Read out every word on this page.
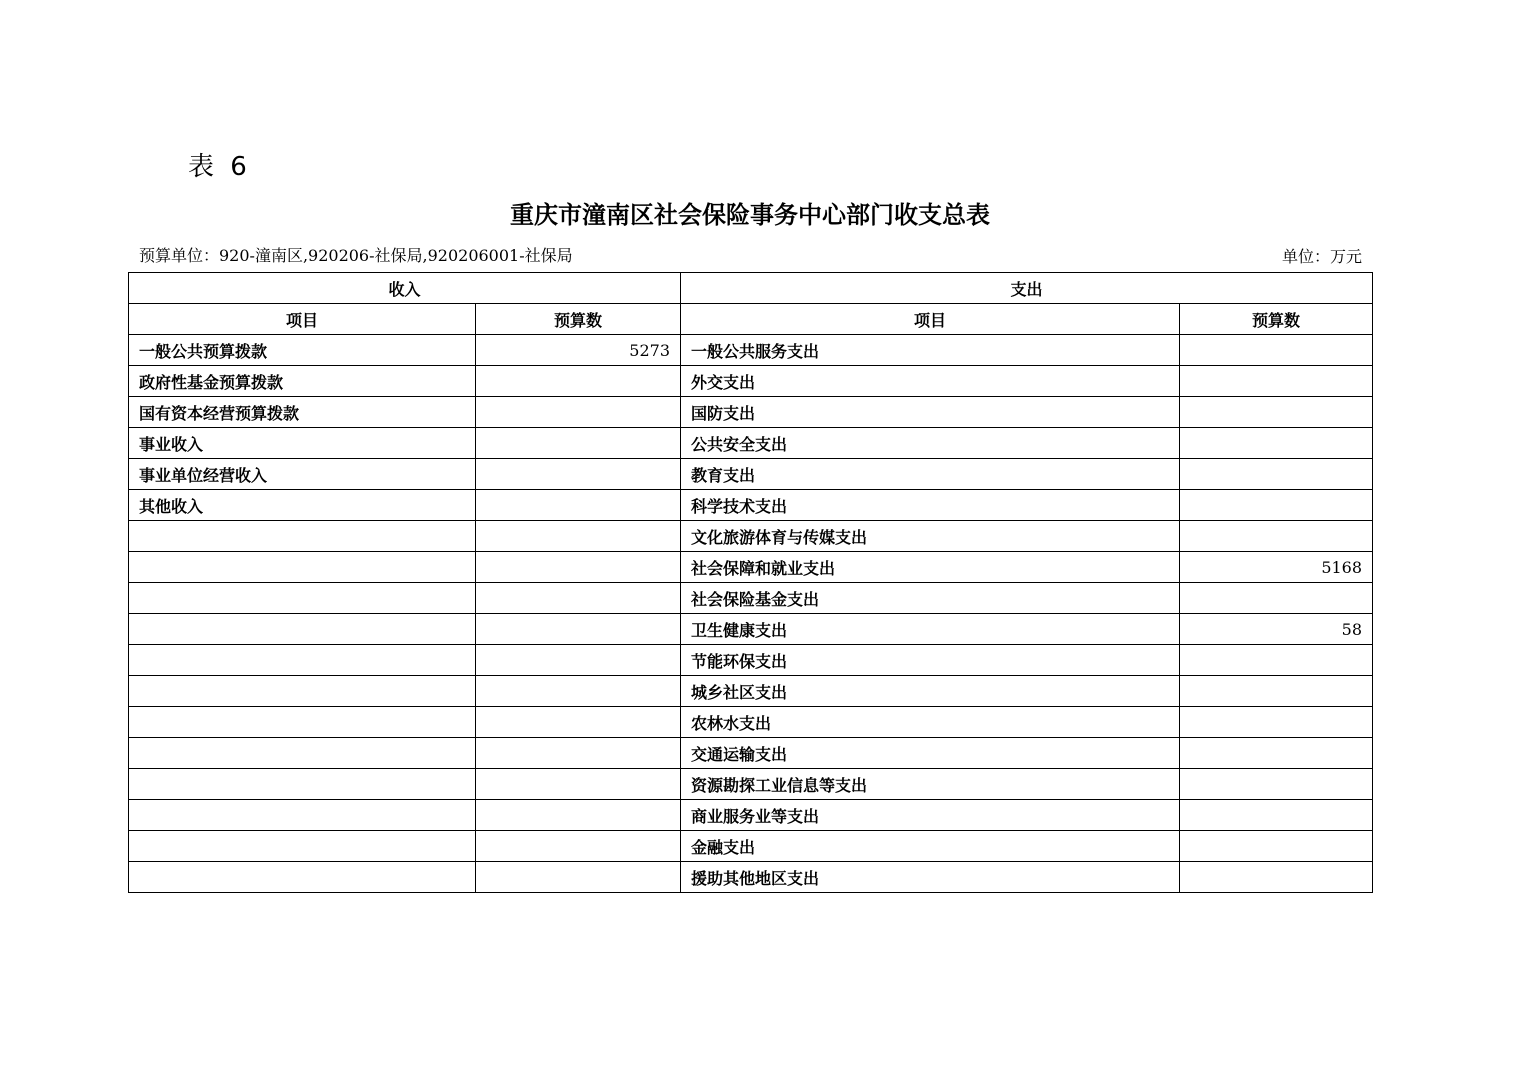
表 6
重庆市潼南区社会保险事务中心部门收支总表
预算单位：920-潼南区,920206-社保局,920206001-社保局	单位：万元
收入		支出	
项目	预算数	项目	预算数
一般公共预算拨款	5273	一般公共服务支出	
政府性基金预算拨款		外交支出	
国有资本经营预算拨款		国防支出	
事业收入		公共安全支出	
事业单位经营收入		教育支出	
其他收入		科学技术支出	
		文化旅游体育与传媒支出	
		社会保障和就业支出	5168
		社会保险基金支出	
		卫生健康支出	58
		节能环保支出	
		城乡社区支出	
		农林水支出	
		交通运输支出	
		资源勘探工业信息等支出	
		商业服务业等支出	
		金融支出	
		援助其他地区支出	
